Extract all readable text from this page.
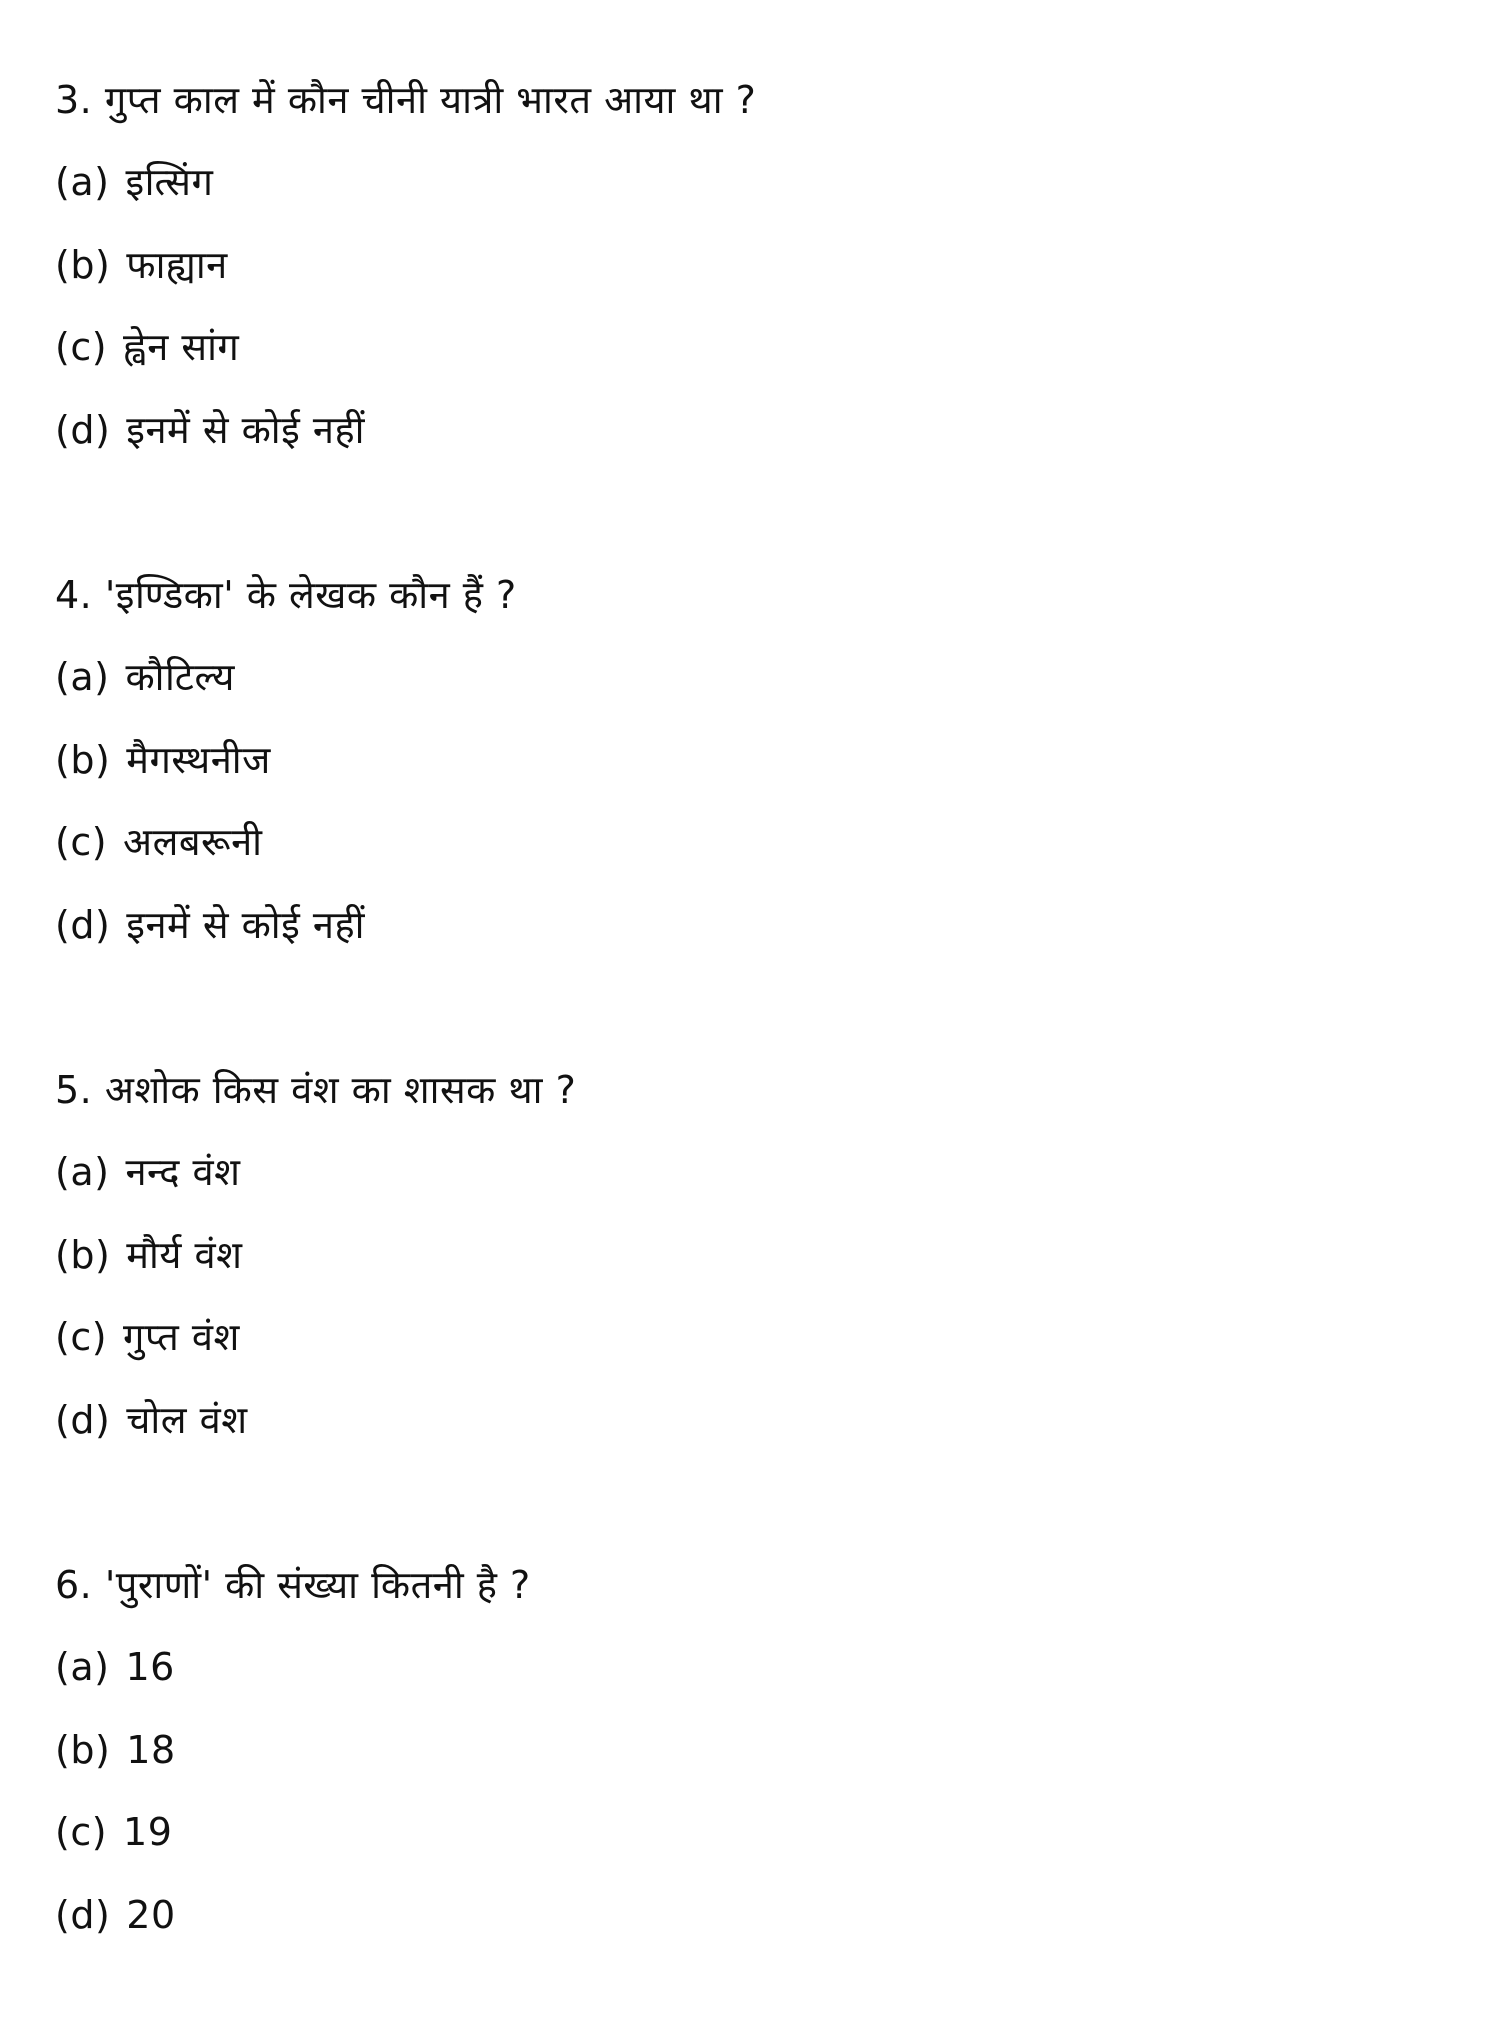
3. गुप्त काल में कौन चीनी यात्री भारत आया था ?
(a) इत्सिंग
(b) फाह्यान
(c) ह्वेन सांग
(d) इनमें से कोई नहीं
4. 'इण्डिका' के लेखक कौन हैं ?
(a) कौटिल्य
(b) मैगस्थनीज
(c) अलबरूनी
(d) इनमें से कोई नहीं
5. अशोक किस वंश का शासक था ?
(a) नन्द वंश
(b) मौर्य वंश
(c) गुप्त वंश
(d) चोल वंश
6. 'पुराणों' की संख्या कितनी है ?
(a) 16
(b) 18
(c) 19
(d) 20
